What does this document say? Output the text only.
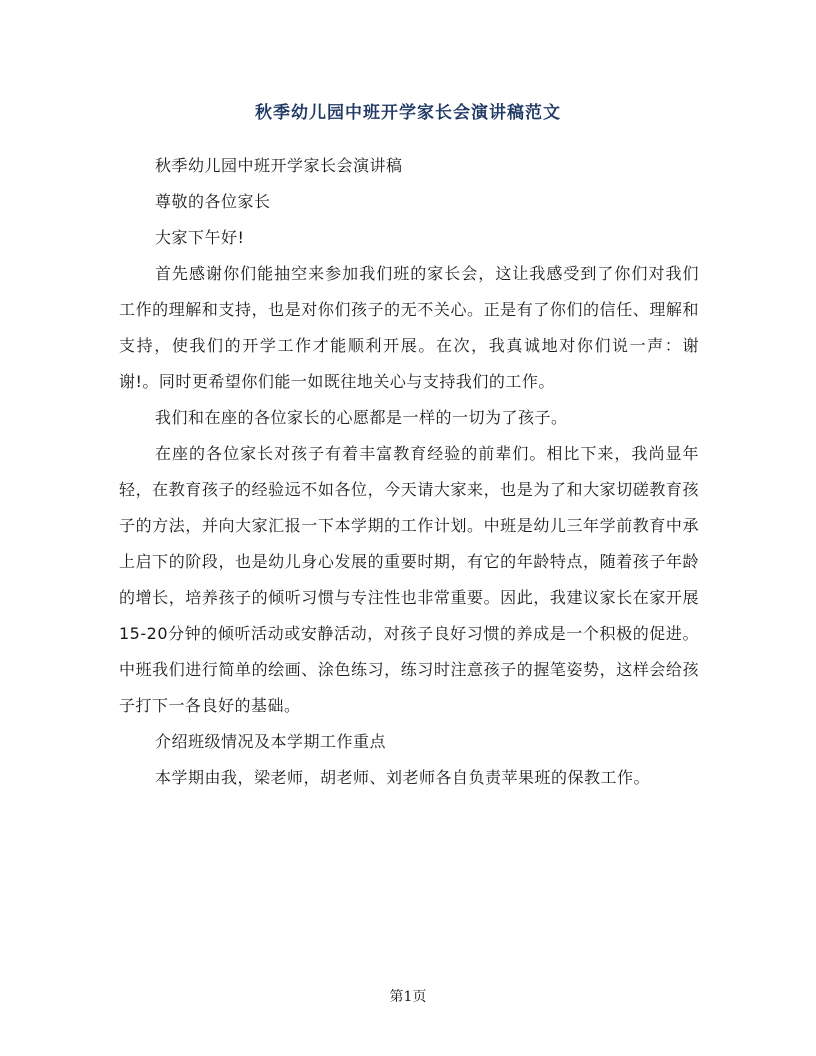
秋季幼儿园中班开学家长会演讲稿范文

秋季幼儿园中班开学家长会演讲稿

尊敬的各位家长

大家下午好!

首先感谢你们能抽空来参加我们班的家长会，这让我感受到了你们对我们工作的理解和支持，也是对你们孩子的无不关心。正是有了你们的信任、理解和支持，使我们的开学工作才能顺利开展。在次，我真诚地对你们说一声：谢谢!。同时更希望你们能一如既往地关心与支持我们的工作。

我们和在座的各位家长的心愿都是一样的一切为了孩子。

在座的各位家长对孩子有着丰富教育经验的前辈们。相比下来，我尚显年轻，在教育孩子的经验远不如各位，今天请大家来，也是为了和大家切磋教育孩子的方法，并向大家汇报一下本学期的工作计划。中班是幼儿三年学前教育中承上启下的阶段，也是幼儿身心发展的重要时期，有它的年龄特点，随着孩子年龄的增长，培养孩子的倾听习惯与专注性也非常重要。因此，我建议家长在家开展15-20分钟的倾听活动或安静活动，对孩子良好习惯的养成是一个积极的促进。中班我们进行简单的绘画、涂色练习，练习时注意孩子的握笔姿势，这样会给孩子打下一各良好的基础。

介绍班级情况及本学期工作重点

本学期由我，梁老师，胡老师、刘老师各自负责苹果班的保教工作。

第1页
